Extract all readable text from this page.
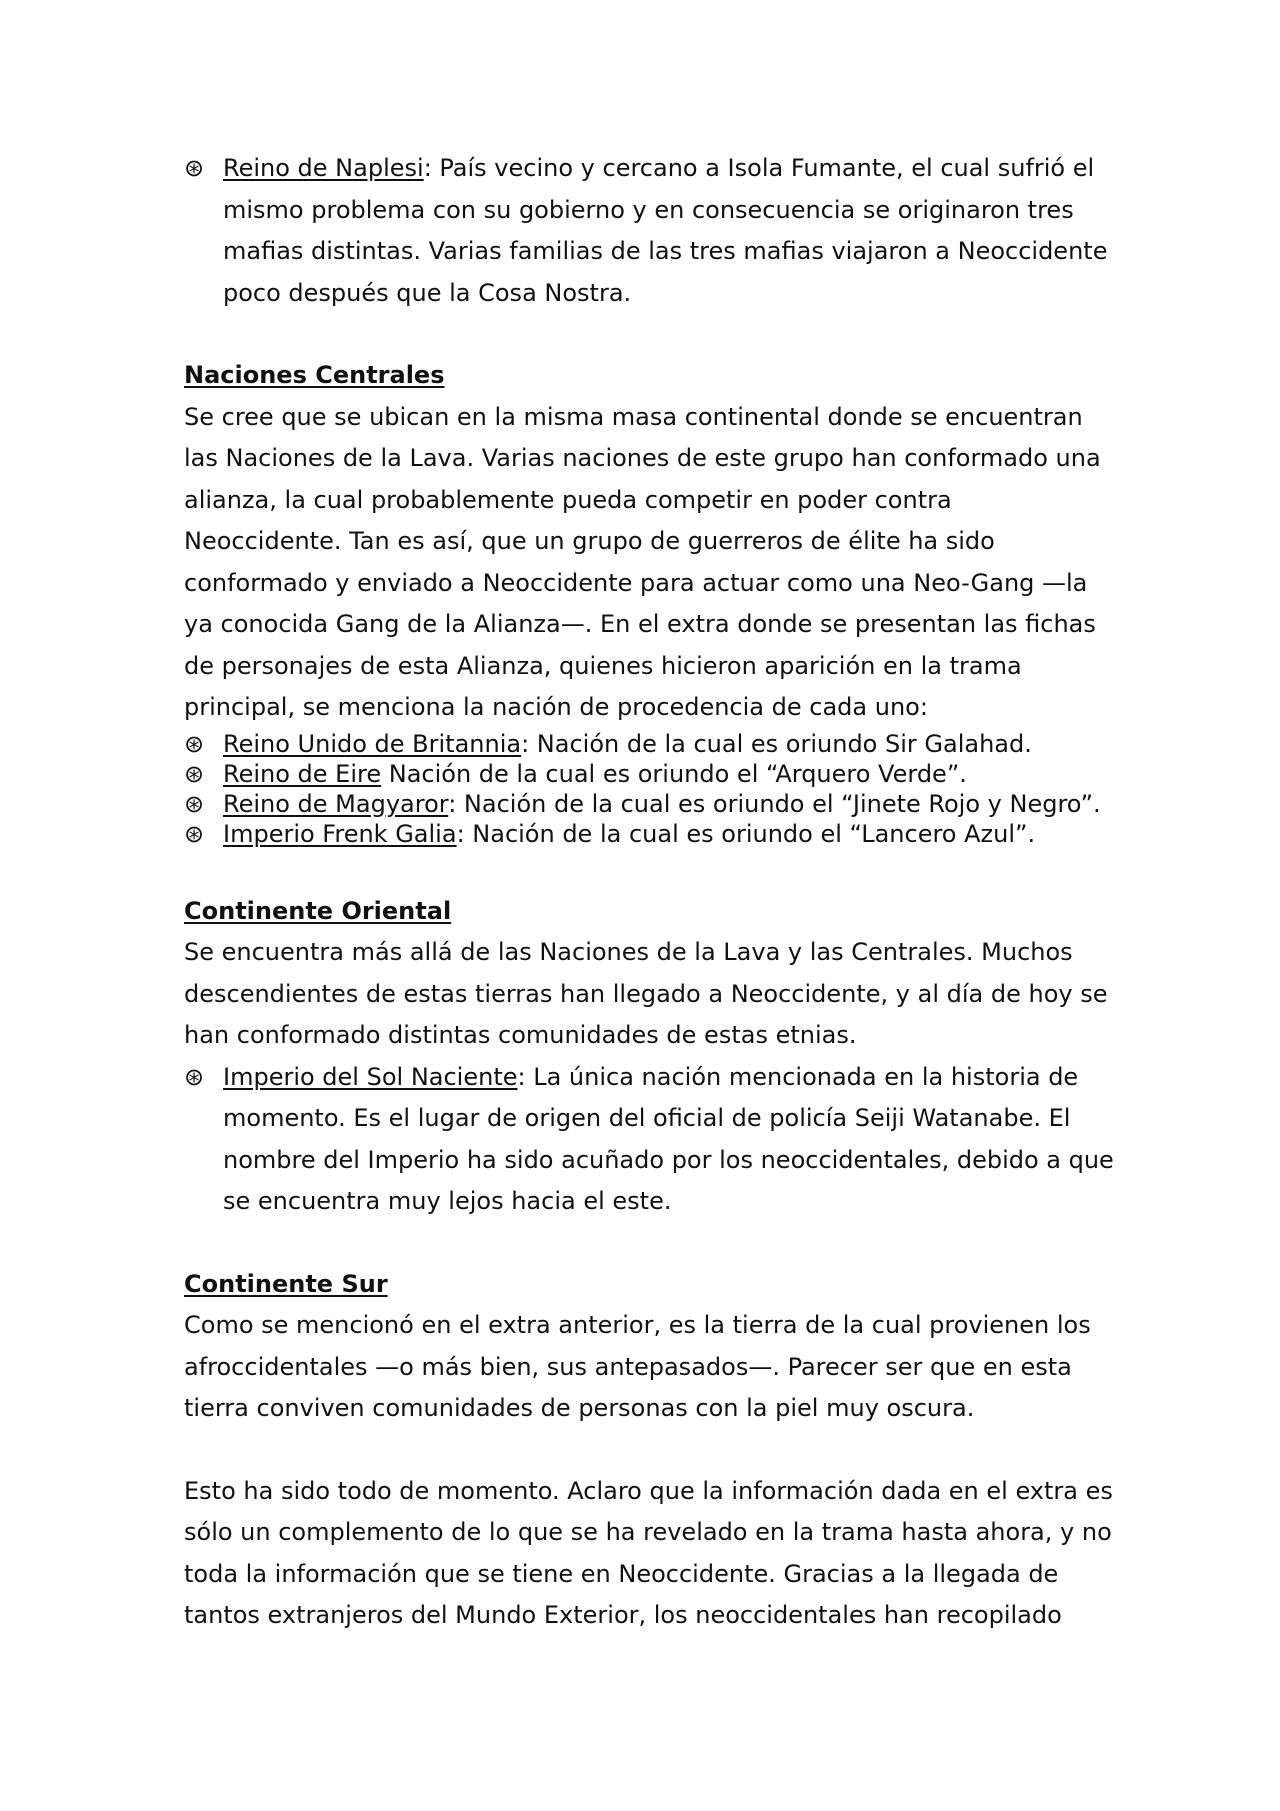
⊛ Reino de Naplesi: País vecino y cercano a Isola Fumante, el cual sufrió el mismo problema con su gobierno y en consecuencia se originaron tres mafias distintas. Varias familias de las tres mafias viajaron a Neoccidente poco después que la Cosa Nostra.
Naciones Centrales

Se cree que se ubican en la misma masa continental donde se encuentran las Naciones de la Lava. Varias naciones de este grupo han conformado una alianza, la cual probablemente pueda competir en poder contra Neoccidente. Tan es así, que un grupo de guerreros de élite ha sido conformado y enviado a Neoccidente para actuar como una Neo-Gang —la ya conocida Gang de la Alianza—. En el extra donde se presentan las fichas de personajes de esta Alianza, quienes hicieron aparición en la trama principal, se menciona la nación de procedencia de cada uno:

⊛ Reino Unido de Britannia: Nación de la cual es oriundo Sir Galahad.
⊛ Reino de Eire Nación de la cual es oriundo el “Arquero Verde”.
⊛ Reino de Magyaror: Nación de la cual es oriundo el “Jinete Rojo y Negro”.
⊛ Imperio Frenk Galia: Nación de la cual es oriundo el “Lancero Azul”.
Continente Oriental

Se encuentra más allá de las Naciones de la Lava y las Centrales. Muchos descendientes de estas tierras han llegado a Neoccidente, y al día de hoy se han conformado distintas comunidades de estas etnias.

⊛ Imperio del Sol Naciente: La única nación mencionada en la historia de momento. Es el lugar de origen del oficial de policía Seiji Watanabe. El nombre del Imperio ha sido acuñado por los neoccidentales, debido a que se encuentra muy lejos hacia el este.
Continente Sur

Como se mencionó en el extra anterior, es la tierra de la cual provienen los afroccidentales —o más bien, sus antepasados—. Parecer ser que en esta tierra conviven comunidades de personas con la piel muy oscura.

Esto ha sido todo de momento. Aclaro que la información dada en el extra es sólo un complemento de lo que se ha revelado en la trama hasta ahora, y no toda la información que se tiene en Neoccidente. Gracias a la llegada de tantos extranjeros del Mundo Exterior, los neoccidentales han recopilado
